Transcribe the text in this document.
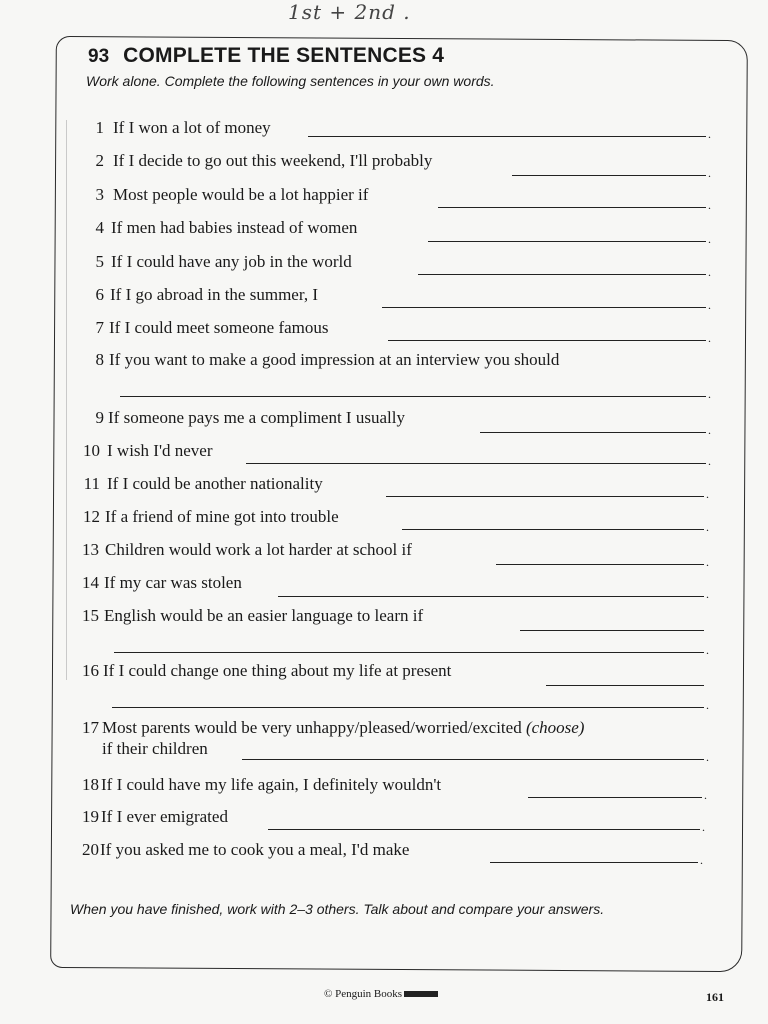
1st + 2nd .
93 COMPLETE THE SENTENCES 4
Work alone. Complete the following sentences in your own words.
1 If I won a lot of money	.
2 If I decide to go out this weekend, I'll probably
.
3 Most people would be a lot happier if
.
4 If men had babies instead of women
.
5 If I could have any job in the world
.
6 If I go abroad in the summer, I
.
7 If I could meet someone famous
.
8 If you want to make a good impression at an interview you should
.
9 If someone pays me a compliment I usually
.
10 I wish I'd never
.
11 If I could be another nationality
.
12 If a friend of mine got into trouble
.
13 Children would work a lot harder at school if
.
14 If my car was stolen
.
15 English would be an easier language to learn if
.
16 If I could change one thing about my life at present
.
17 Most parents would be very unhappy/pleased/worried/excited (choose)
if their children	.
18 If I could have my life again, I definitely wouldn't
.
19 If I ever emigrated
.
20 If you asked me to cook you a meal, I'd make
.
When you have finished, work with 2–3 others. Talk about and compare your answers.
© Penguin Books	161
